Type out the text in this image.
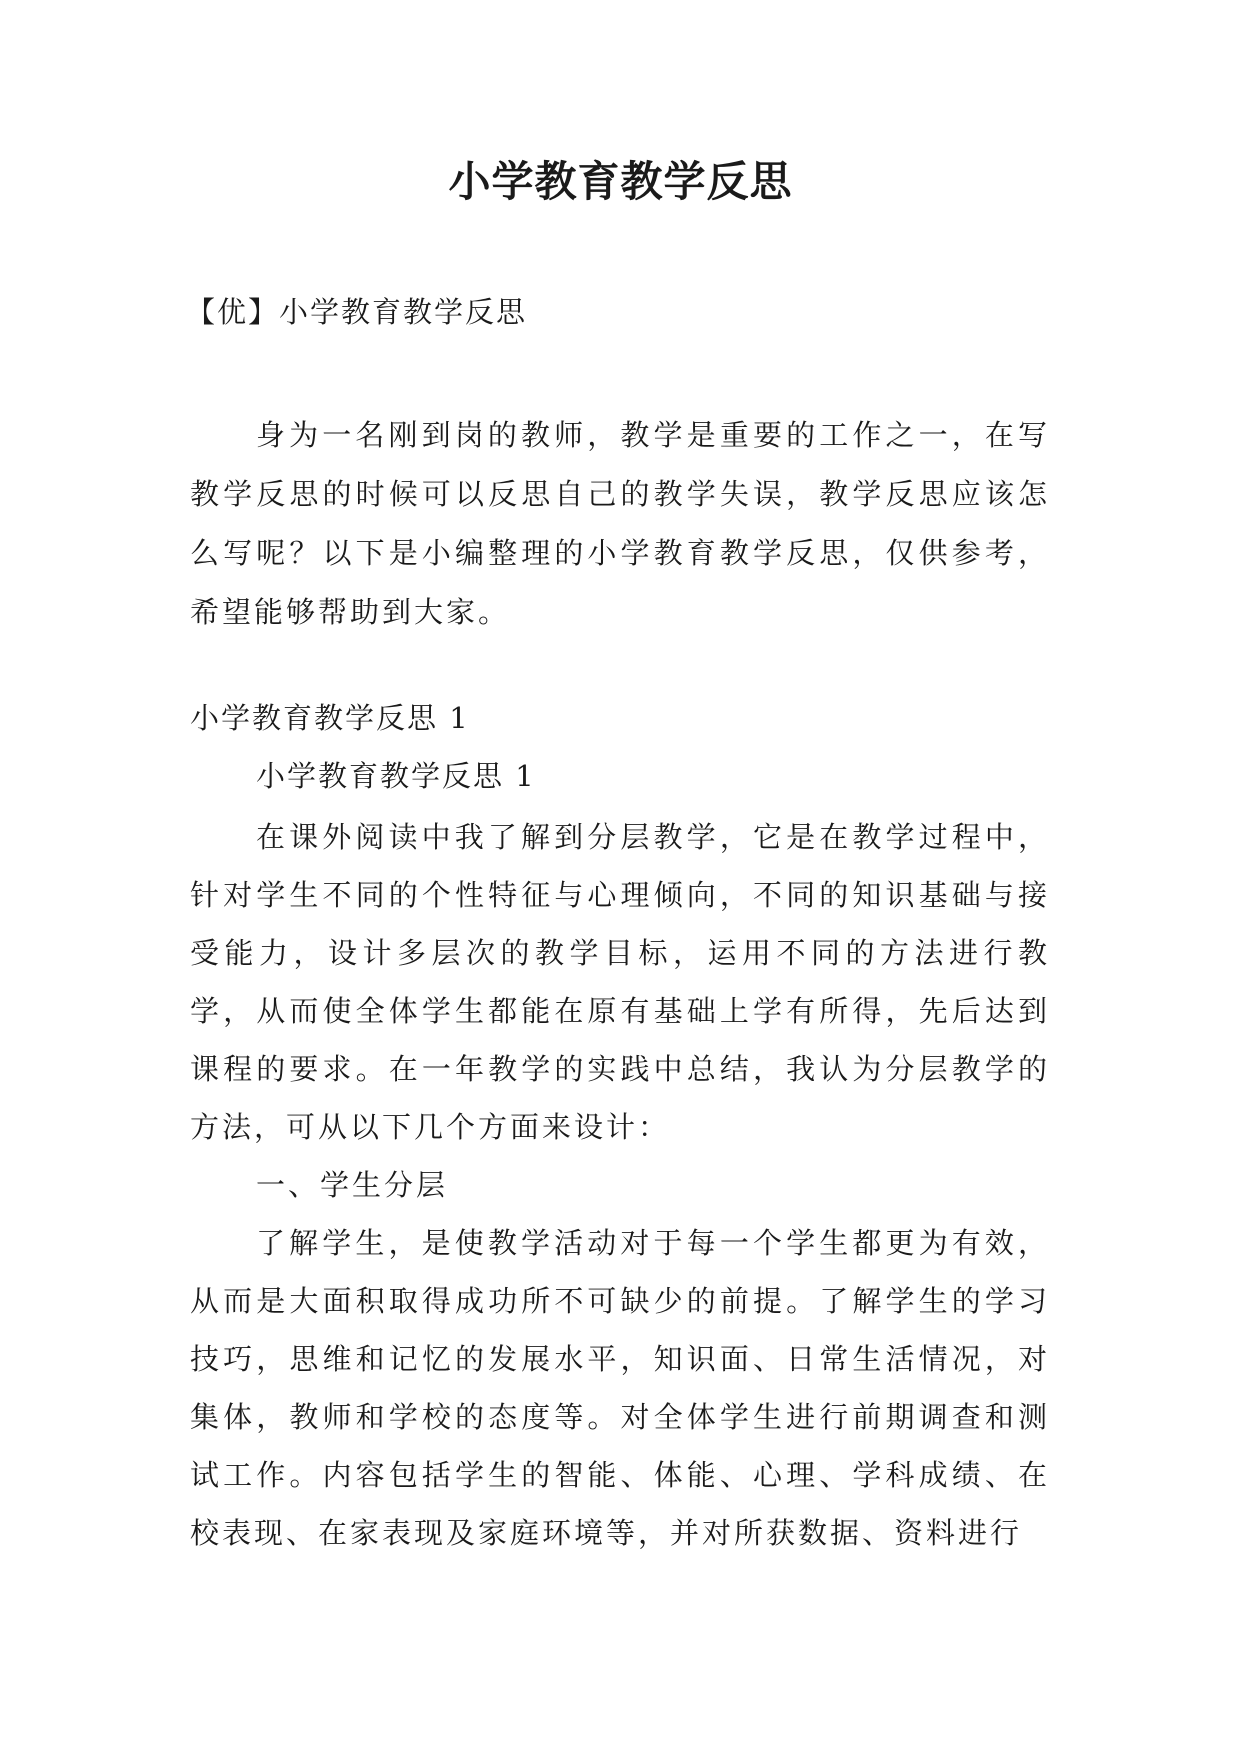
小学教育教学反思
【优】小学教育教学反思
身为一名刚到岗的教师，教学是重要的工作之一，在写教学反思的时候可以反思自己的教学失误，教学反思应该怎么写呢？以下是小编整理的小学教育教学反思，仅供参考，希望能够帮助到大家。
小学教育教学反思 1
小学教育教学反思 1
在课外阅读中我了解到分层教学，它是在教学过程中，针对学生不同的个性特征与心理倾向，不同的知识基础与接受能力，设计多层次的教学目标，运用不同的方法进行教学，从而使全体学生都能在原有基础上学有所得，先后达到课程的要求。在一年教学的实践中总结，我认为分层教学的方法，可从以下几个方面来设计：
一、学生分层
了解学生，是使教学活动对于每一个学生都更为有效，从而是大面积取得成功所不可缺少的前提。了解学生的学习技巧，思维和记忆的发展水平，知识面、日常生活情况，对集体，教师和学校的态度等。对全体学生进行前期调查和测试工作。内容包括学生的智能、体能、心理、学科成绩、在校表现、在家表现及家庭环境等，并对所获数据、资料进行
